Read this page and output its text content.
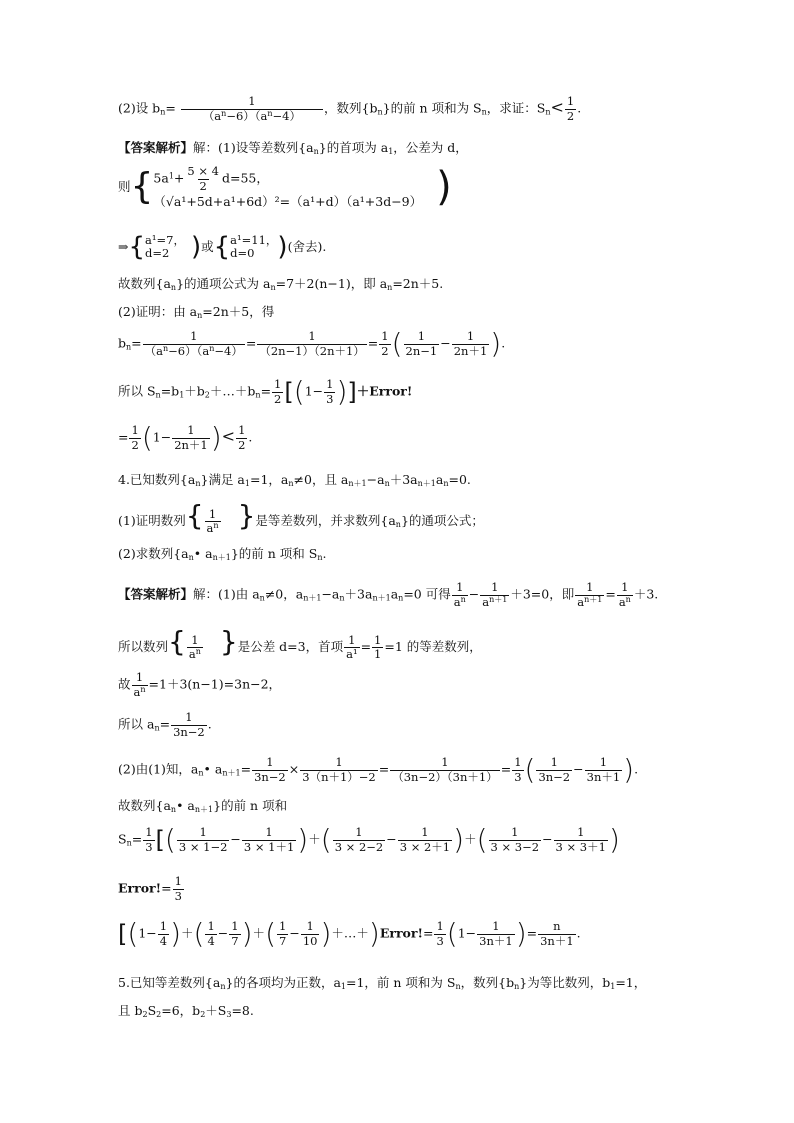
(2)设 $b_n= \frac{1}{(a^n-6)(a^n-4)}$ ，数列$\{b_n\}$的前 n 项和为 $S_n$，求证：$S_n< \frac{1}{2}$ .
【答案解析】解：(1)设等差数列$\{a_n\}$的首项为 $a_1$，公差为 d，
则 { $5a^1+ \frac{5 \times 4}{2} d=55$，
（√a¹+5d+a¹+6d）²=（a¹+d）（a¹+3d−9） )
⇒ { a¹=7，
d=2 ) 或 { a¹=11，
d=0 ) (舍去).
故数列$\{a_n\}$的通项公式为 $a_n=7+2(n-1)$，即 $a_n=2n+5$.
(2)证明：由 $a_n=2n+5$，得
$b_n= \frac{1}{(a^n-6)(a^n-4)} = \frac{1}{(2n-1)(2n+1)} = \frac{1}{2}$ ( $\frac{1}{2n-1} - \frac{1}{2n+1}$ ).
所以 $S_n=b_1+b_2+\dots+b_n= \frac{1}{2} [(1- \frac{1}{3}$ )]＋Error!
= $\frac{1}{2} (1- \frac{1}{2n+1}$ )< $\frac{1}{2}$ .
4.已知数列$\{a_n\}$满足 $a_1=1$，$a_n\ne 0$，且 $a_{n+1}-a_n+3a_{n+1}a_n=0$.
(1)证明数列{ $\frac{1}{a^n}$ }是等差数列，并求数列$\{a_n\}$的通项公式；
(2)求数列{$a_n•$ $a_{n+1}$}的前 n 项和 $S_n$.
【答案解析】解：(1)由 $a_n\ne 0$，$a_{n+1}-a_n+3a_{n+1}a_n=0$ 可得 $\frac{1}{a^n} - \frac{1}{a^{n+1}} +3=0$，即 $\frac{1}{a^{n+1}} = \frac{1}{a^n} +3$.
所以数列{ $\frac{1}{a^n}$ }是公差 d=3，首项 $\frac{1}{\text{a¹}} = \frac{1}{1} =1$ 的等差数列，
故 $\frac{1}{a^n} =1+3(n-1)=3n-2$，
所以 $a_n= \frac{1}{3n-2}$ .
(2)由(1)知，$a_n•$ $a_{n+1}= \frac{1}{3n-2} \times \frac{1}{3(n+1)-2} = \frac{1}{(3n-2)(3n+1)} = \frac{1}{3}$ ( $\frac{1}{3n-2} - \frac{1}{3n+1}$ ).
故数列{$a_n•$ $a_{n+1}$}的前 n 项和
$S_n= \frac{1}{3}$ [( $\frac{1}{3 \times 1-2} - \frac{1}{3 \times 1+1}$ )＋( $\frac{1}{3 \times 2-2} - \frac{1}{3 \times 2+1}$ )＋( $\frac{1}{3 \times 3-2} - \frac{1}{3 \times 3+1}$ )
Error!= $\frac{1}{3}$
[($1- \frac{1}{4}$ )＋( $\frac{1}{4} - \frac{1}{7}$ )＋( $\frac{1}{7} - \frac{1}{10}$ )＋…＋)Error!= $\frac{1}{3} (1- \frac{1}{3n+1}$ )= $\frac{n}{3n+1}$ .
5.已知等差数列$\{a_n\}$的各项均为正数，$a_1=1$，前 n 项和为 $S_n$，数列$\{b_n\}$为等比数列，$b_1=1$，
且 $b_2S_2=6$，$b_2+S_3=8$.
